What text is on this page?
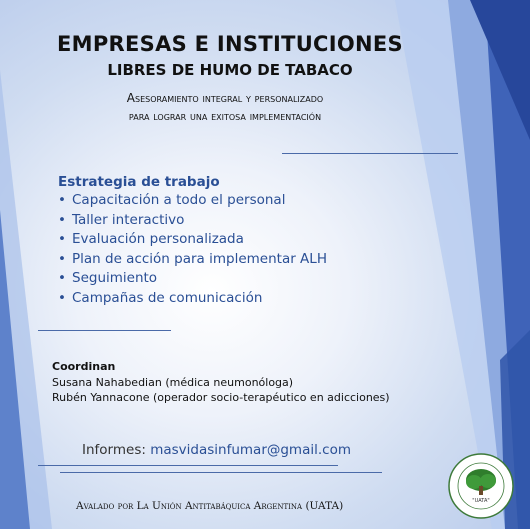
EMPRESAS E INSTITUCIONES
LIBRES DE HUMO DE TABACO
Asesoramiento integral y personalizado
para lograr una exitosa implementación
Estrategia de trabajo
• Capacitación a todo el personal
• Taller interactivo
• Evaluación personalizada
• Plan de acción para implementar ALH
• Seguimiento
• Campañas de comunicación
Coordinan
Susana Nahabedian (médica neumonóloga)
Rubén Yannacone (operador socio-terapéutico en adicciones)
Informes: masvidasinfumar@gmail.com
Avalado por La Unión Antitabáquica Argentina (UATA)	"UATA"
